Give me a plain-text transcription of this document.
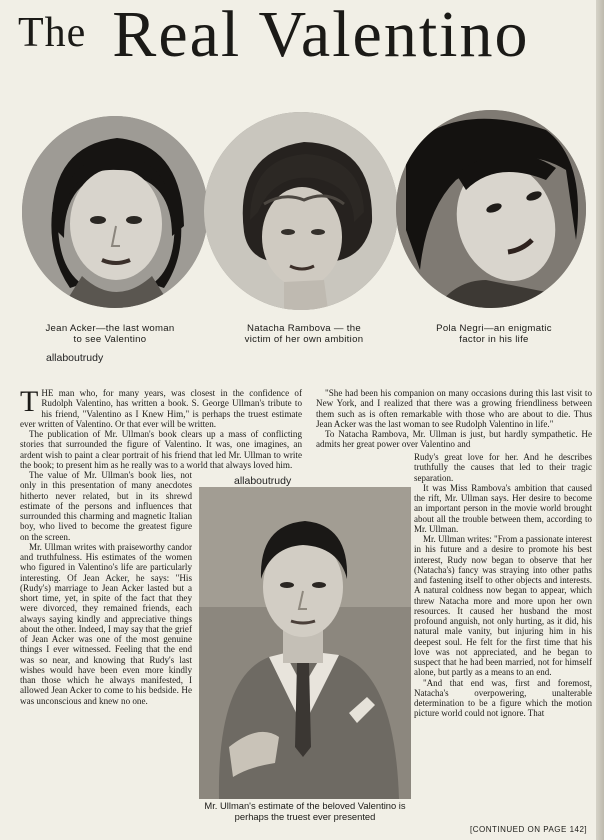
The Real Valentino
Jean Acker—the last woman to see Valentino
Natacha Rambova — the victim of her own ambition
Pola Negri—an enigmatic factor in his life
allaboutrudy
allaboutrudy

THE man who, for many years, was closest in the confidence of Rudolph Valentino, has written a book. S. George Ullman's tribute to his friend, "Valentino as I Knew Him," is perhaps the truest estimate ever written of Valentino. Or that ever will be written.

The publication of Mr. Ullman's book clears up a mass of conflicting stories that surrounded the figure of Valentino. It was, one imagines, an ardent wish to paint a clear portrait of his friend that led Mr. Ullman to write the book; to present him as he really was to a world that always loved him.

The value of Mr. Ullman's book lies, not only in this presentation of many anecdotes hitherto never related, but in its shrewd estimate of the persons and influences that surrounded this charming and magnetic Italian boy, who lived to become the greatest figure on the screen.

Mr. Ullman writes with praiseworthy candor and truthfulness. His estimates of the women who figured in Valentino's life are particularly interesting. Of Jean Acker, he says: "His (Rudy's) marriage to Jean Acker lasted but a short time, yet, in spite of the fact that they were divorced, they remained friends, each always saying kindly and appreciative things about the other. Indeed, I may say that the grief of Jean Acker was one of the most genuine things I ever witnessed. Feeling that the end was so near, and knowing that Rudy's last wishes would have been even more kindly than those which he always manifested, I allowed Jean Acker to come to his bedside. He was unconscious and knew no one.

"She had been his companion on many occasions during this last visit to New York, and I realized that there was a growing friendliness between them such as is often remarkable with those who are about to die. Thus Jean Acker was the last woman to see Rudolph Valentino in life."

To Natacha Rambova, Mr. Ullman is just, but hardly sympathetic. He admits her great power over Valentino and

Rudy's great love for her. And he describes truthfully the causes that led to their tragic separation.

It was Miss Rambova's ambition that caused the rift, Mr. Ullman says. Her desire to become an important person in the movie world brought about all the trouble between them, according to Mr. Ullman.

Mr. Ullman writes: "From a passionate interest in his future and a desire to promote his best interest, Rudy now began to observe that her (Natacha's) fancy was straying into other paths and fastening itself to other objects and interests. A natural coldness now began to appear, which threw Natacha more and more upon her own resources. It caused her husband the most profound anguish, not only hurting, as it did, his natural male vanity, but injuring him in his deepest soul. He felt for the first time that his love was not appreciated, and he began to suspect that he had been married, not for himself alone, but partly as a means to an end.

"And that end was, first and foremost, Natacha's overpowering, unalterable determination to be a figure which the motion picture world could not ignore. That

Mr. Ullman's estimate of the beloved Valentino is perhaps the truest ever presented
[CONTINUED ON PAGE 142]
